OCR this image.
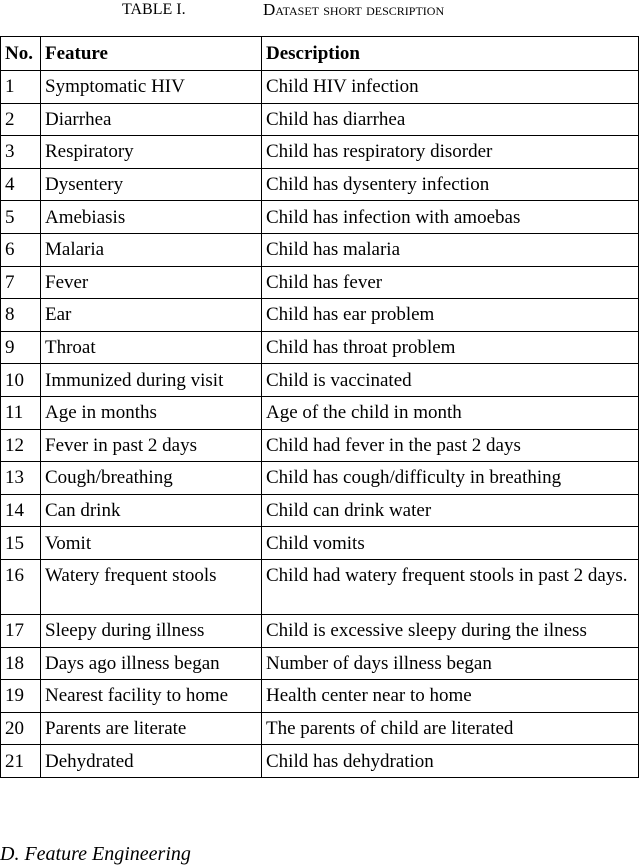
TABLE I.	Dataset short description
No.	Feature	Description
1	Symptomatic HIV	Child HIV infection
2	Diarrhea	Child has diarrhea
3	Respiratory	Child has respiratory disorder
4	Dysentery	Child has dysentery infection
5	Amebiasis	Child has infection with amoebas
6	Malaria	Child has malaria
7	Fever	Child has fever
8	Ear	Child has ear problem
9	Throat	Child has throat problem
10	Immunized during visit	Child is vaccinated
11	Age in months	Age of the child in month
12	Fever in past 2 days	Child had fever in the past 2 days
13	Cough/breathing	Child has cough/difficulty in breathing
14	Can drink	Child can drink water
15	Vomit	Child vomits
16	Watery frequent stools	Child had watery frequent stools in past 2 days.
17	Sleepy during illness	Child is excessive sleepy during the ilness
18	Days ago illness began	Number of days illness began
19	Nearest facility to home	Health center near to home
20	Parents are literate	The parents of child are literated
21	Dehydrated	Child has dehydration
D. Feature Engineering
